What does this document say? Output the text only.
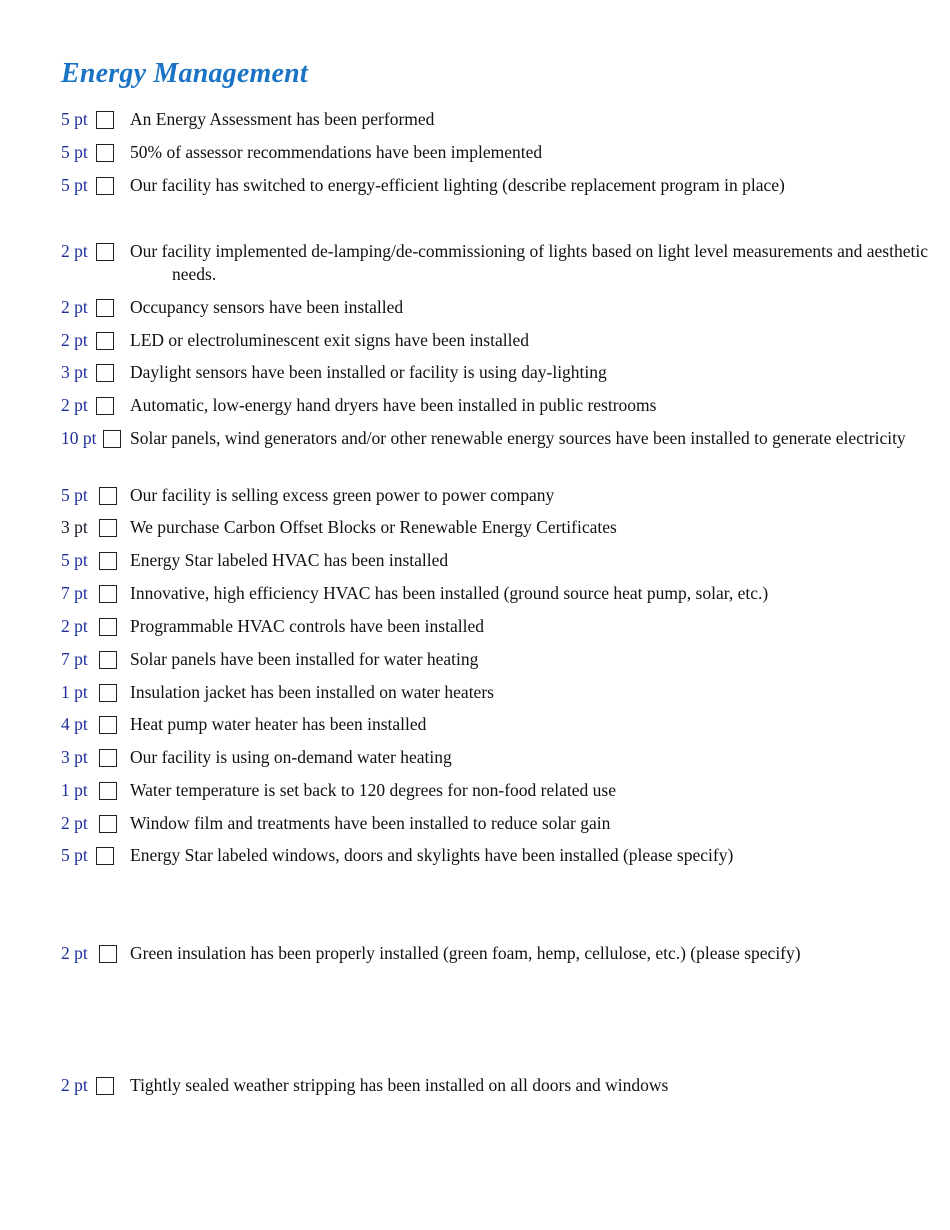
Energy Management
5 pt An Energy Assessment has been performed
5 pt 50% of assessor recommendations have been implemented
5 pt Our facility has switched to energy-efficient lighting (describe replacement program in place)
2 pt Our facility implemented de-lamping/de-commissioning of lights based on light level measurements and aesthetic needs.
2 pt Occupancy sensors have been installed
2 pt LED or electroluminescent exit signs have been installed
3 pt Daylight sensors have been installed or facility is using day-lighting
2 pt Automatic, low-energy hand dryers have been installed in public restrooms
10 pt Solar panels, wind generators and/or other renewable energy sources have been installed to generate electricity
5 pt Our facility is selling excess green power to power company
3 pt We purchase Carbon Offset Blocks or Renewable Energy Certificates
5 pt Energy Star labeled HVAC has been installed
7 pt Innovative, high efficiency HVAC has been installed (ground source heat pump, solar, etc.)
2 pt Programmable HVAC controls have been installed
7 pt Solar panels have been installed for water heating
1 pt Insulation jacket has been installed on water heaters
4 pt Heat pump water heater has been installed
3 pt Our facility is using on-demand water heating
1 pt Water temperature is set back to 120 degrees for non-food related use
2 pt Window film and treatments have been installed to reduce solar gain
5 pt Energy Star labeled windows, doors and skylights have been installed (please specify)
2 pt Green insulation has been properly installed (green foam, hemp, cellulose, etc.) (please specify)
2 pt Tightly sealed weather stripping has been installed on all doors and windows
